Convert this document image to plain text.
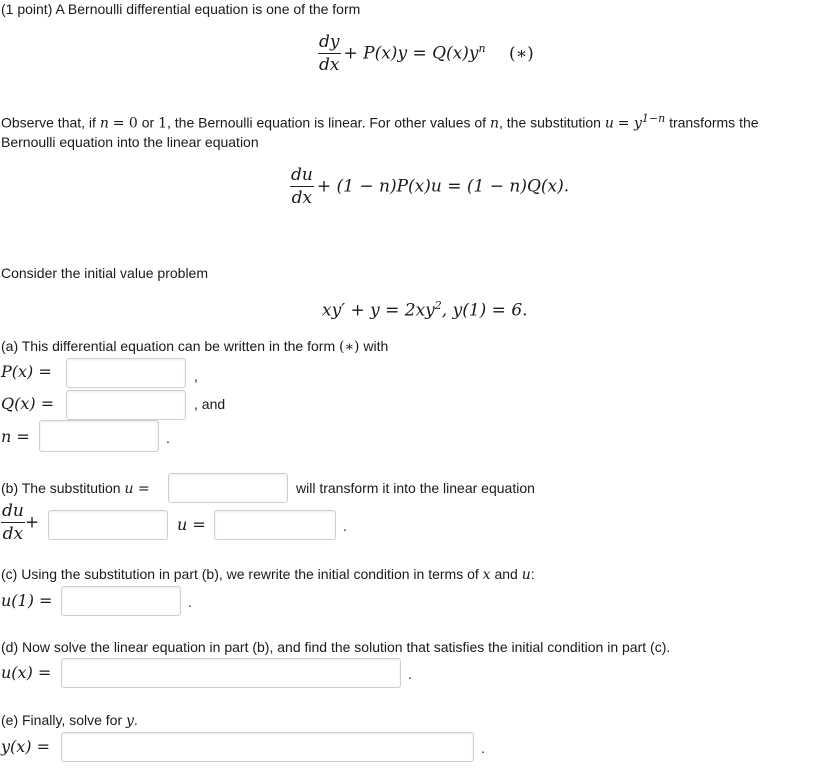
(1 point) A Bernoulli differential equation is one of the form
$\frac{dy}{dx} + P(x)y = Q(x)y^n$ (∗)
Observe that, if n = 0 or 1, the Bernoulli equation is linear. For other values of n, the substitution $u = y^{1-n}$ transforms the
Bernoulli equation into the linear equation
$\frac{du}{dx} + (1 - n)P(x)u = (1 - n)Q(x)$.
Consider the initial value problem
$xy' + y = 2xy^2$, y(1) = 6.
(a) This differential equation can be written in the form (∗) with
P(x) =	,
Q(x) =	, and
n =	.
(b) The substitution u =	will transform it into the linear equation
$\frac{du}{dx}$ +	u =	.
(c) Using the substitution in part (b), we rewrite the initial condition in terms of x and u:
u(1) =	.
(d) Now solve the linear equation in part (b), and find the solution that satisfies the initial condition in part (c).
u(x) =	.
(e) Finally, solve for y.
y(x) =	.
